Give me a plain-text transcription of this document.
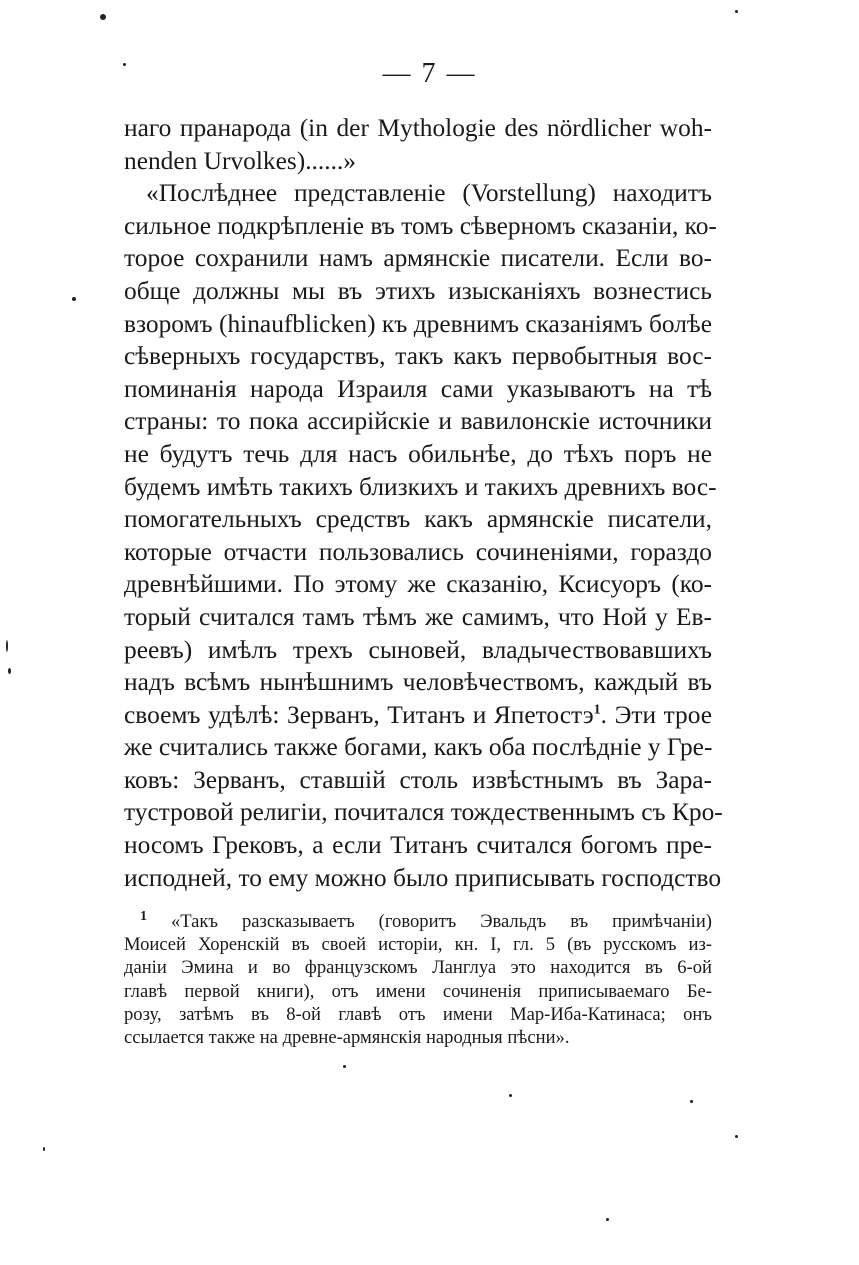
— 7 —
наго пранарода (in der Mythologie des nördlicher woh-
nenden Urvolkes)......»
«Послѣднее представленіе (Vorstellung) находитъ
сильное подкрѣпленіе въ томъ сѣверномъ сказаніи, ко-
торое сохранили намъ армянскіе писатели. Если во-
обще должны мы въ этихъ изысканіяхъ вознестись
взоромъ (hinaufblicken) къ древнимъ сказаніямъ болѣе
сѣверныхъ государствъ, такъ какъ первобытныя вос-
поминанія народа Израиля сами указываютъ на тѣ
страны: то пока ассирійскіе и вавилонскіе источники
не будутъ течь для насъ обильнѣе, до тѣхъ поръ не
будемъ имѣть такихъ близкихъ и такихъ древнихъ вос-
помогательныхъ средствъ какъ армянскіе писатели,
которые отчасти пользовались сочиненіями, гораздо
древнѣйшими. По этому же сказанію, Ксисуоръ (ко-
торый считался тамъ тѣмъ же самимъ, что Ной у Ев-
реевъ) имѣлъ трехъ сыновей, владычествовавшихъ
надъ всѣмъ нынѣшнимъ человѣчествомъ, каждый въ
своемъ удѣлѣ: Зерванъ, Титанъ и Япетостэ$^1$. Эти трое
же считались также богами, какъ оба послѣдніе у Гре-
ковъ: Зерванъ, ставшій столь извѣстнымъ въ Зара-
тустровой религіи, почитался тождественнымъ съ Кро-
носомъ Грековъ, а если Титанъ считался богомъ пре-
исподней, то ему можно было приписывать господство
$^1$ «Такъ разсказываетъ (говоритъ Эвальдъ въ примѣчаніи)
Моисей Хоренскій въ своей исторіи, кн. I, гл. 5 (въ русскомъ из-
даніи Эмина и во французскомъ Ланглуа это находится въ 6-ой
главѣ первой книги), отъ имени сочиненія приписываемаго Бе-
розу, затѣмъ въ 8-ой главѣ отъ имени Мар-Иба-Катинаса; онъ
ссылается также на древне-армянскія народныя пѣсни».
